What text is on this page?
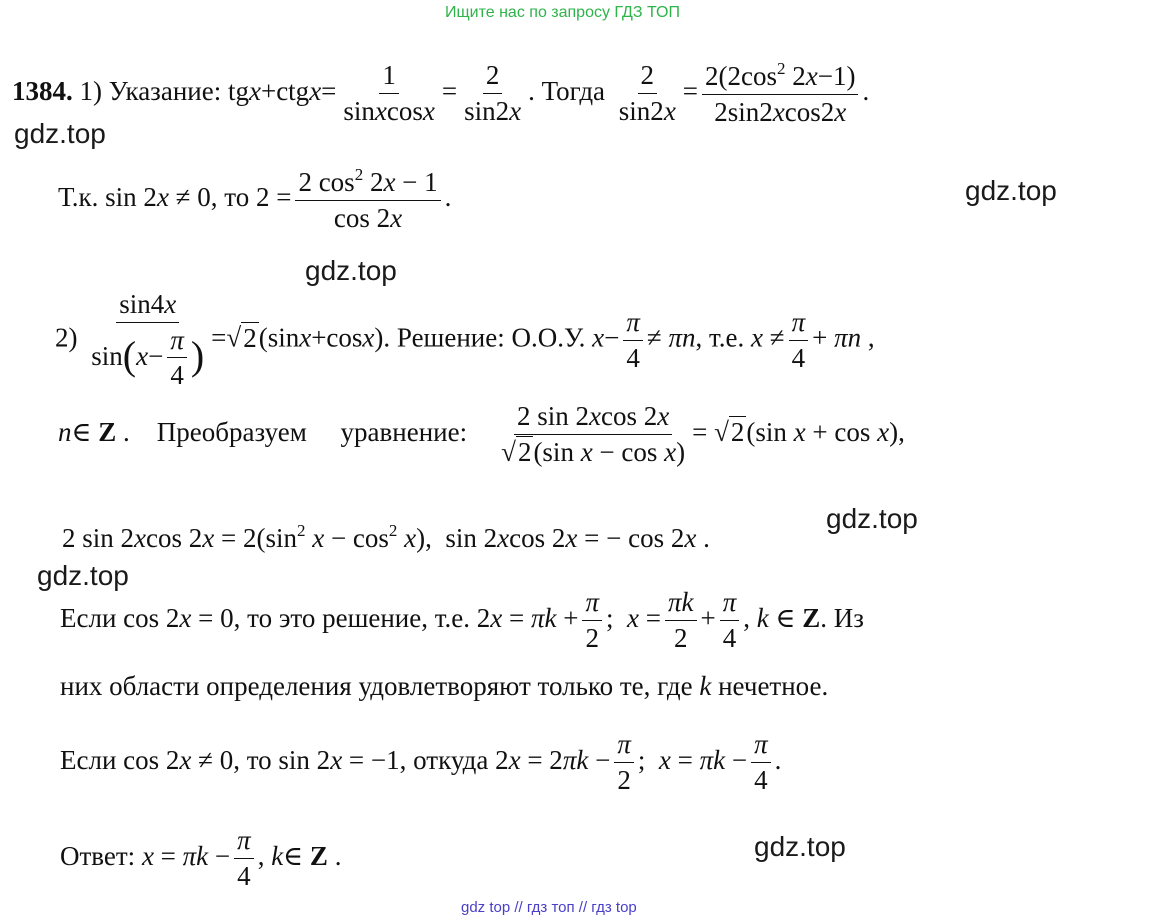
Ищите нас по запросу ГДЗ ТОП
gdz.top
gdz.top
gdz.top
gdz.top
gdz.top
gdz.top
1384. 1) Указание: tgx+ctgx= $\frac{1}{\text{sinxcosx}} = \frac{2}{\sin 2x}$ . Тогда $\frac{2}{\sin 2x} = \frac{2(2\cos^2 2x-1)}{2\sin 2xcos2x}$ .
Т.к. sin 2x ≠ 0, то $2 = \frac{2 \cos^2 2x - 1}{\cos 2x}$ .
$2) \frac{\sin 4x}{\sin(x- \frac{\pi}{4} )} =√2(\sin x+\cos x)$. Решение: О.О.У. $x- \frac{\pi}{4} \ne \pi n$, т.е. $x \ne \frac{\pi}{4} + \pi n$ ,
n∈ Z .    Преобразуем уравнение: $\frac{2 \sin 2xcos 2x}{\text{√2(sin x − cos x)}} = √2(\sin$ x + cos x),
2 sin 2xcos $2x = 2(\sin^2$ $x - \cos^2 x$),  sin 2xcos 2x = − cos 2x .
Если cos 2x = 0, то это решение, т.е. $2x = \pi k + \frac{\pi}{2}$ ;  $x = \frac{\pi k}{2} + \frac{\pi}{4}$ , k ∈ Z. Из
них области определения удовлетворяют только те, где k нечетное.
Если cos 2x ≠ 0, то sin 2x = −1, откуда $2x = 2\pi k - \frac{\pi}{2}$ ;  $x = \pi k - \frac{\pi}{4}$ .
Ответ: $x = \pi k - \frac{\pi}{4}$ , k∈ Z .
gdz top // гдз топ // гдз top
